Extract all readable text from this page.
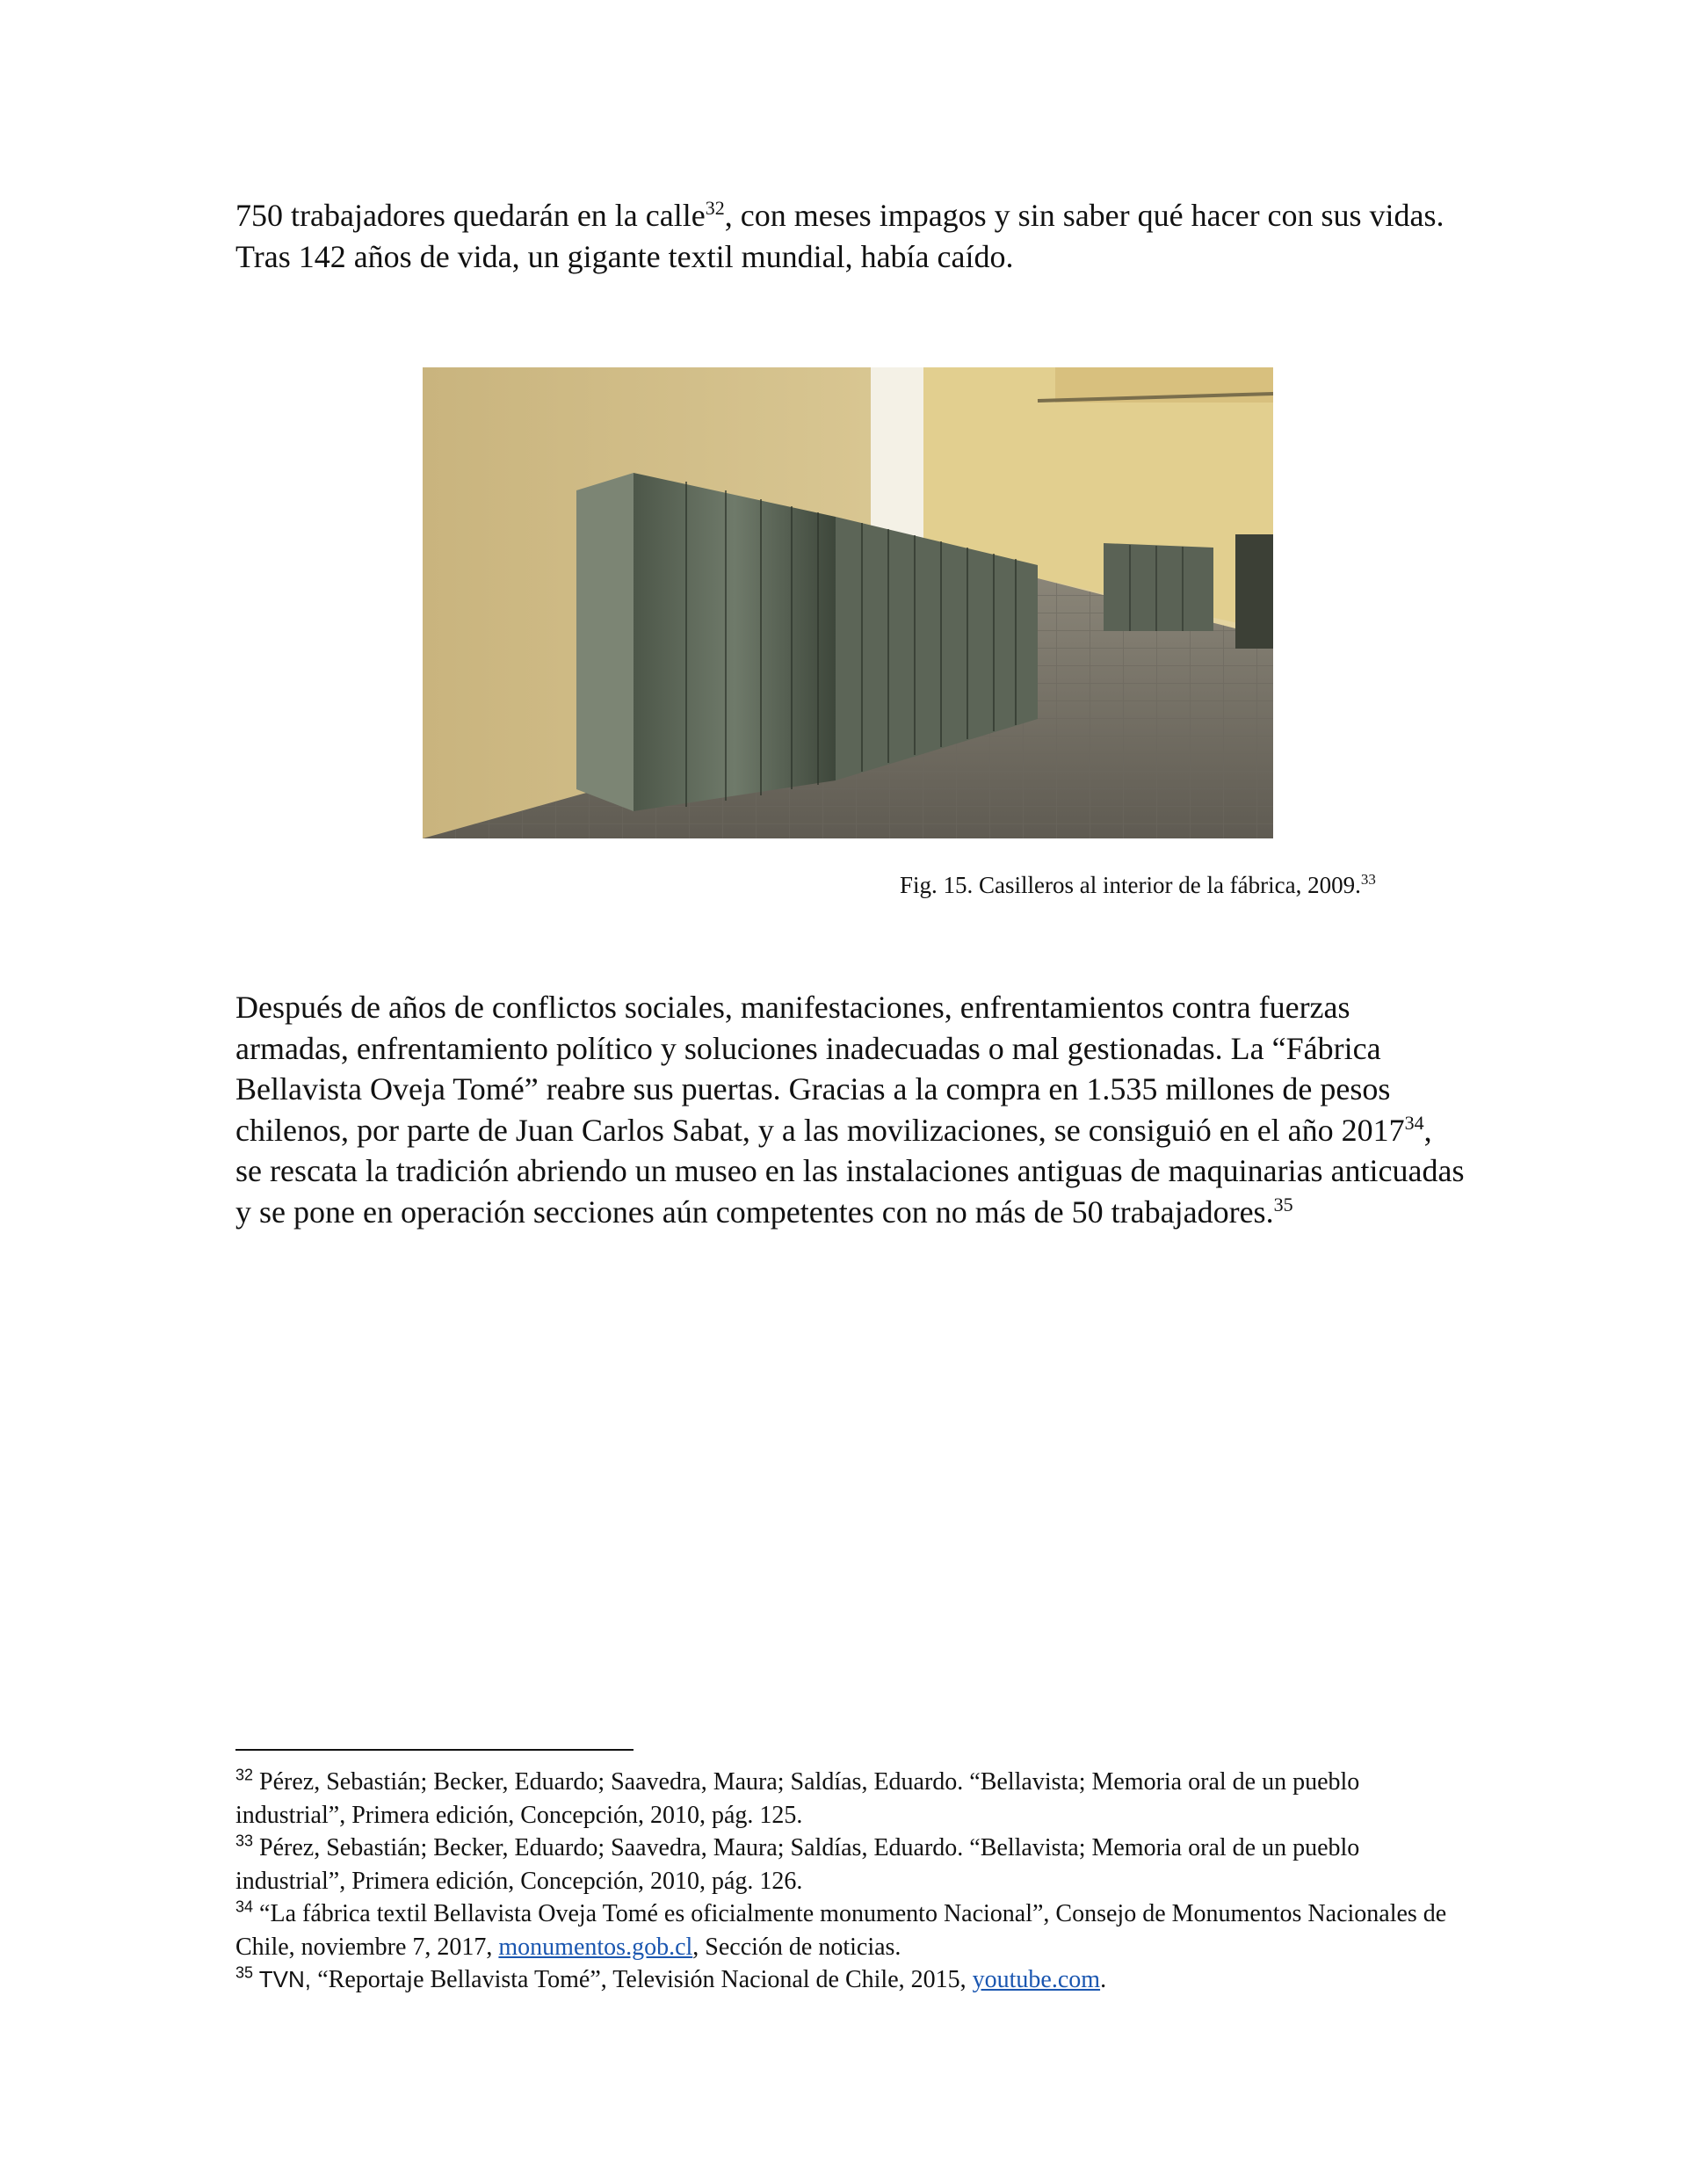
750 trabajadores quedarán en la calle$^{32}$, con meses impagos y sin saber qué hacer con sus vidas. Tras 142 años de vida, un gigante textil mundial, había caído.

Fig. 15. Casilleros al interior de la fábrica, 2009.33

Después de años de conflictos sociales, manifestaciones, enfrentamientos contra fuerzas armadas, enfrentamiento político y soluciones inadecuadas o mal gestionadas. La “Fábrica Bellavista Oveja Tomé” reabre sus puertas. Gracias a la compra en 1.535 millones de pesos chilenos, por parte de Juan Carlos Sabat, y a las movilizaciones, se consiguió en el año 2017$^{34}$, se rescata la tradición abriendo un museo en las instalaciones antiguas de maquinarias anticuadas y se pone en operación secciones aún competentes con no más de 50 trabajadores.$^{35}$

$^{32}$ Pérez, Sebastián; Becker, Eduardo; Saavedra, Maura; Saldías, Eduardo. “Bellavista; Memoria oral de un pueblo industrial”, Primera edición, Concepción, 2010, pág. 125.

$^{33}$ Pérez, Sebastián; Becker, Eduardo; Saavedra, Maura; Saldías, Eduardo. “Bellavista; Memoria oral de un pueblo industrial”, Primera edición, Concepción, 2010, pág. 126.

$^{34}$ “La fábrica textil Bellavista Oveja Tomé es oficialmente monumento Nacional”, Consejo de Monumentos Nacionales de Chile, noviembre 7, 2017, monumentos.gob.cl, Sección de noticias.

$^{35}$ TVN, “Reportaje Bellavista Tomé”, Televisión Nacional de Chile, 2015, youtube.com.
